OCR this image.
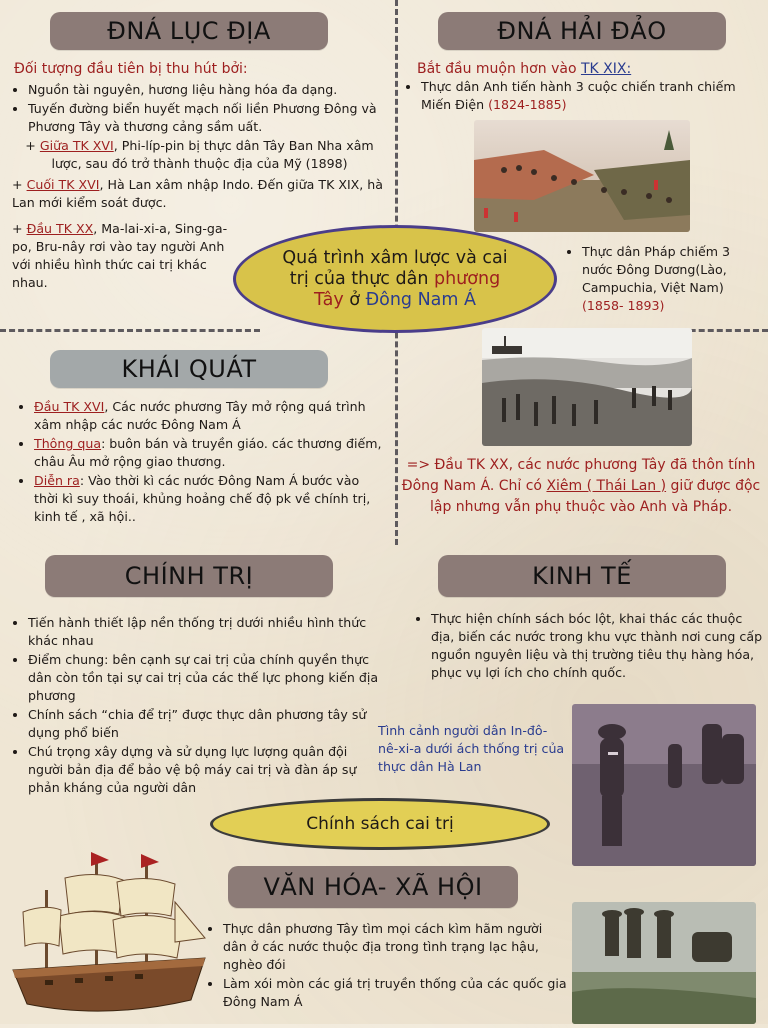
ĐNÁ LỤC ĐỊA	ĐNÁ HẢI ĐẢO
KHÁI QUÁT
CHÍNH TRỊ	KINH TẾ
VĂN HÓA- XÃ HỘI
Đối tượng đầu tiên bị thu hút bởi:
• Nguồn tài nguyên, hương liệu hàng hóa đa dạng.
• Tuyến đường biển huyết mạch nối liền Phương Đông và Phương Tây và thương cảng sầm uất.
+ Giữa TK XVI, Phi-líp-pin bị thực dân Tây Ban Nha xâm lược, sau đó trở thành thuộc địa của Mỹ (1898)
+ Cuối TK XVI, Hà Lan xâm nhập Indo. Đến giữa TK XIX, hà Lan mới kiểm soát được.
+ Đầu TK XX, Ma-lai-xi-a, Sing-ga-po, Bru-nây rơi vào tay người Anh với nhiều hình thức cai trị khác nhau.
Bắt đầu muộn hơn vào TK XIX:
• Thực dân Anh tiến hành 3 cuộc chiến tranh chiếm Miến Điện (1824-1885)
• Thực dân Pháp chiếm 3 nước Đông Dương(Lào, Campuchia, Việt Nam) (1858- 1893)
Quá trình xâm lược và cai
trị của thực dân phương
Tây ở Đông Nam Á
• Đầu TK XVI, Các nước phương Tây mở rộng quá trình xâm nhập các nước Đông Nam Á
• Thông qua: buôn bán và truyền giáo. các thương điếm, châu Âu mở rộng giao thương.
• Diễn ra: Vào thời kì các nước Đông Nam Á bước vào thời kì suy thoái, khủng hoảng chế độ pk về chính trị, kinh tế , xã hội..
=> Đầu TK XX, các nước phương Tây đã thôn tính Đông Nam Á. Chỉ có Xiêm ( Thái Lan ) giữ được độc lập nhưng vẫn phụ thuộc vào Anh và Pháp.
• Tiến hành thiết lập nền thống trị dưới nhiều hình thức khác nhau
• Điểm chung: bên cạnh sự cai trị của chính quyền thực dân còn tồn tại sự cai trị của các thế lực phong kiến địa phương
• Chính sách “chia để trị” được thực dân phương tây sử dụng phổ biến
• Chú trọng xây dựng và sử dụng lực lượng quân đội người bản địa để bảo vệ bộ máy cai trị và đàn áp sự phản kháng của người dân
• Thực hiện chính sách bóc lột, khai thác các thuộc địa, biến các nước trong khu vực thành nơi cung cấp nguồn nguyên liệu và thị trường tiêu thụ hàng hóa, phục vụ lợi ích cho chính quốc.
Tình cảnh người dân In-đô-nê-xi-a dưới ách thống trị của thực dân Hà Lan
Chính sách cai trị
• Thực dân phương Tây tìm mọi cách kìm hãm người dân ở các nước thuộc địa trong tình trạng lạc hậu, nghèo đói
• Làm xói mòn các giá trị truyền thống của các quốc gia Đông Nam Á
